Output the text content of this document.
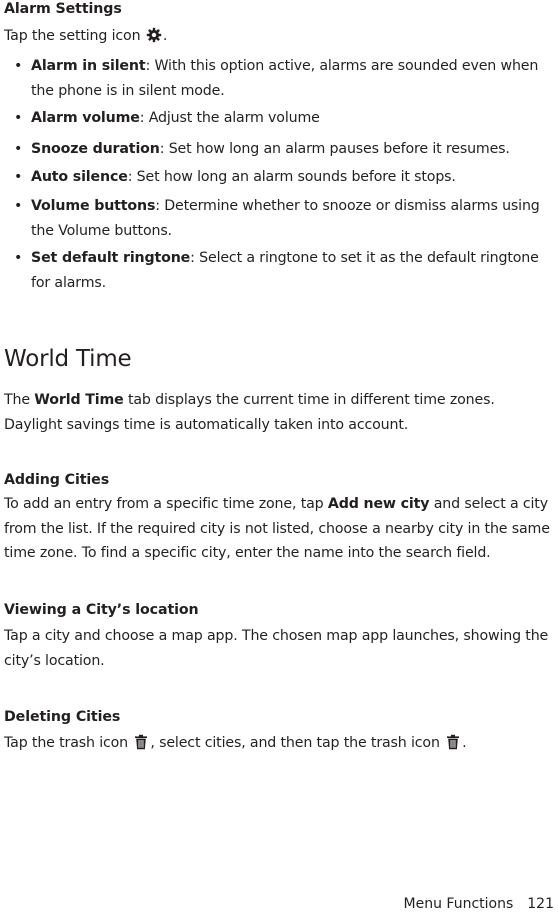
Alarm Settings
Tap the setting icon .
• Alarm in silent: With this option active, alarms are sounded even when the phone is in silent mode.
• Alarm volume: Adjust the alarm volume
• Snooze duration: Set how long an alarm pauses before it resumes.
• Auto silence: Set how long an alarm sounds before it stops.
• Volume buttons: Determine whether to snooze or dismiss alarms using the Volume buttons.
• Set default ringtone: Select a ringtone to set it as the default ringtone for alarms.
World Time
The World Time tab displays the current time in different time zones. Daylight savings time is automatically taken into account.
Adding Cities
To add an entry from a specific time zone, tap Add new city and select a city from the list. If the required city is not listed, choose a nearby city in the same time zone. To find a specific city, enter the name into the search field.
Viewing a City’s location
Tap a city and choose a map app. The chosen map app launches, showing the city’s location.
Deleting Cities
Tap the trash icon , select cities, and then tap the trash icon .
Menu Functions 121
